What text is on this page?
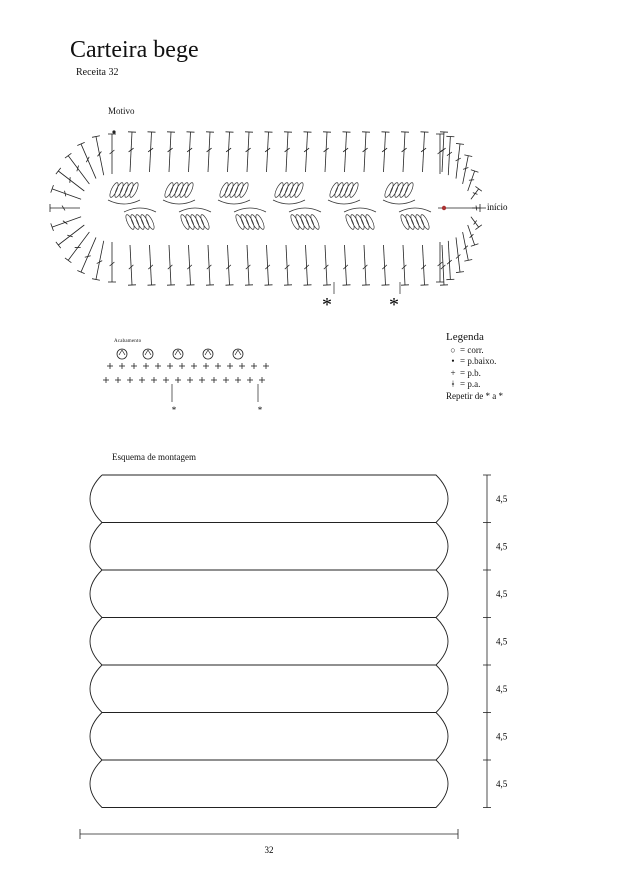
Carteira bege
Receita 32
Motivo
Acabamento
Esquema de montagem
Legenda
○ = corr.
• = p.baixo.
+ = p.b.
ǂ = p.a.
Repetir de * a *
4,5
4,5
4,5
4,5
4,5
4,5
4,5
início
*	*
*	*
32
